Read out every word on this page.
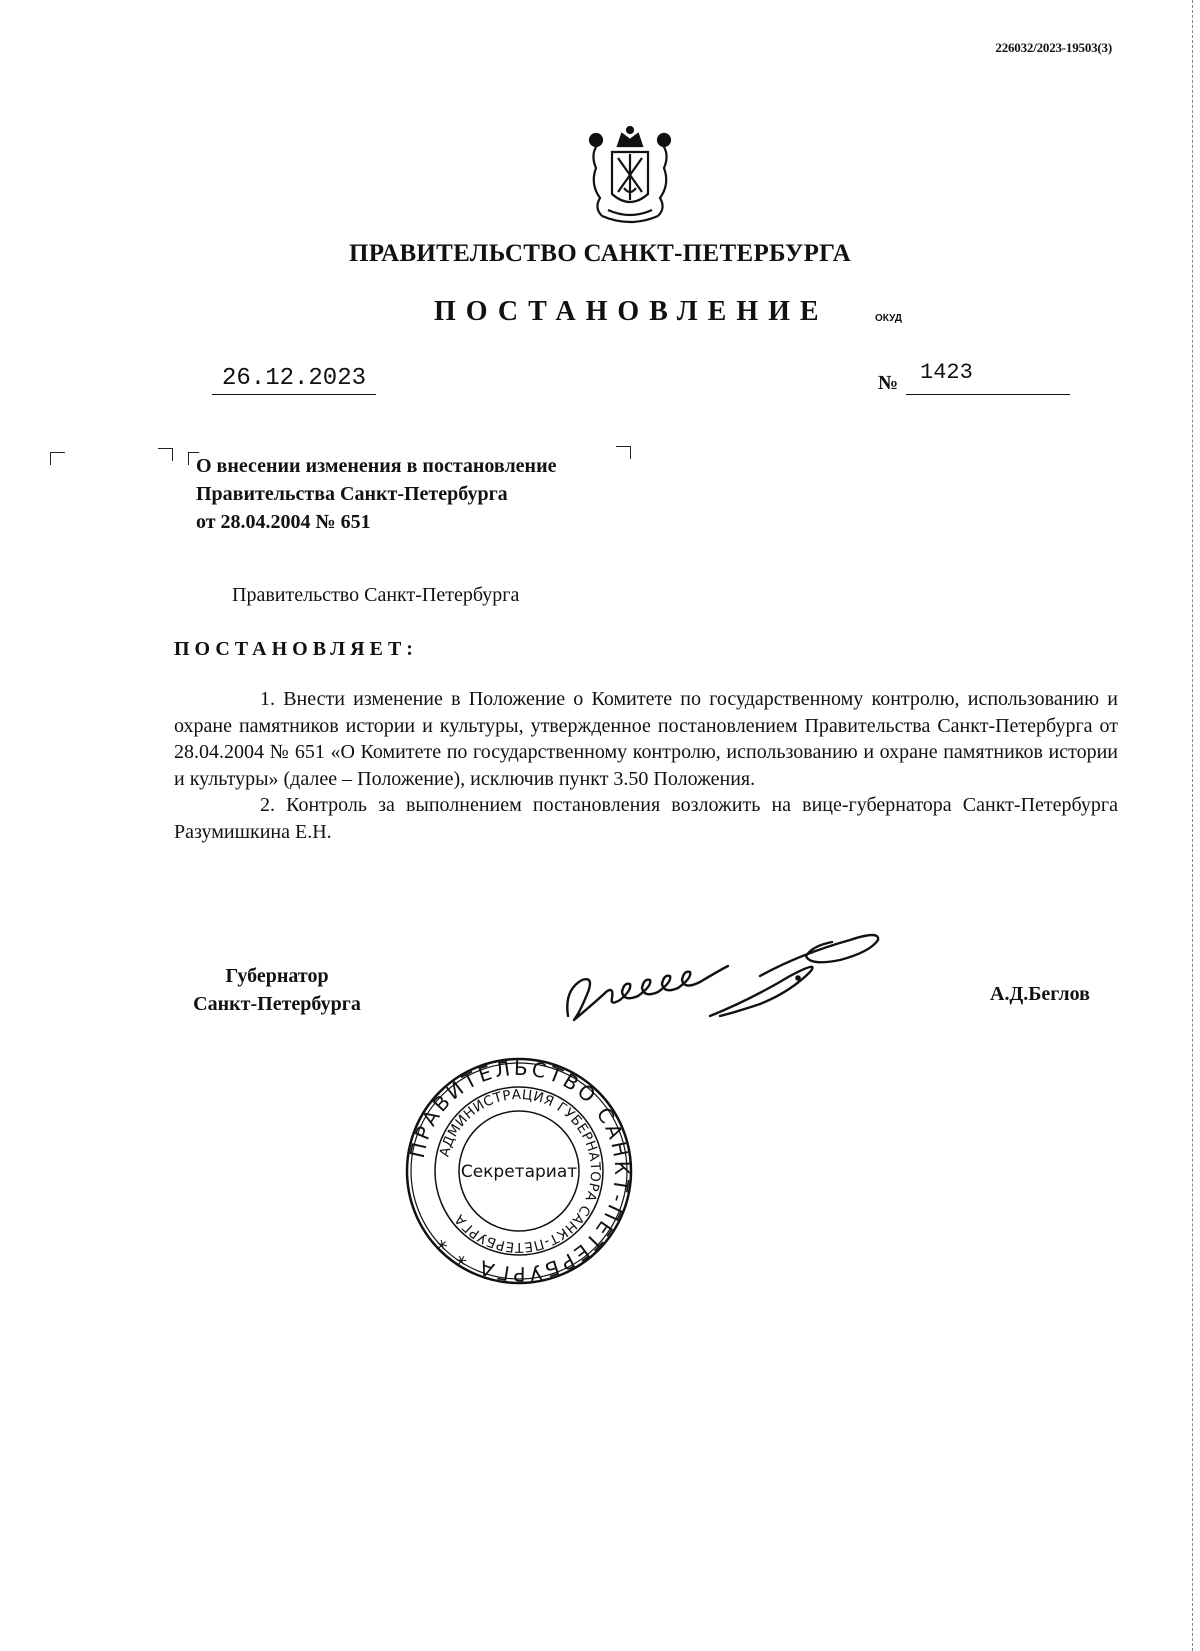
226032/2023-19503(3)
ПРАВИТЕЛЬСТВО САНКТ-ПЕТЕРБУРГА
ПОСТАНОВЛЕНИЕ	ОКУД
26.12.2023	№ 1423
О внесении изменения в постановление
Правительства Санкт-Петербурга
от 28.04.2004 № 651
Правительство Санкт-Петербурга
ПОСТАНОВЛЯЕТ:

1. Внести изменение в Положение о Комитете по государственному контролю, использованию и охране памятников истории и культуры, утвержденное постановлением Правительства Санкт-Петербурга от 28.04.2004 № 651 «О Комитете по государственному контролю, использованию и охране памятников истории и культуры» (далее – Положение), исключив пункт 3.50 Положения.

2. Контроль за выполнением постановления возложить на вице-губернатора Санкт-Петербурга Разумишкина Е.Н.

Губернатор
Санкт-Петербурга	А.Д.Беглов
ПРАВИТЕЛЬСТВО САНКТ-ПЕТЕРБУРГА * *
АДМИНИСТРАЦИЯ ГУБЕРНАТОРА САНКТ-ПЕТЕРБУРГА
Секретариат
